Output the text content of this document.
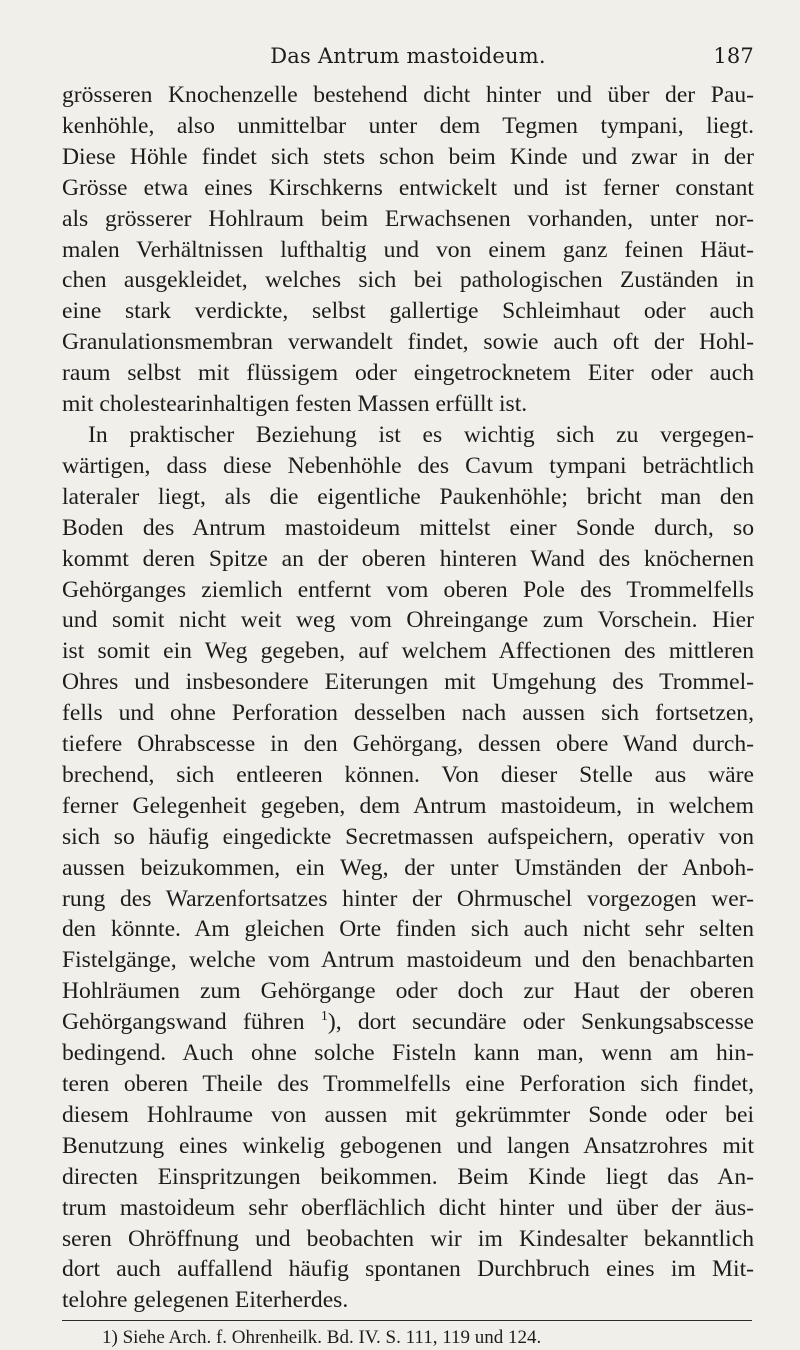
Das Antrum mastoideum.	187
grösseren Knochenzelle bestehend dicht hinter und über der Pau-
kenhöhle, also unmittelbar unter dem Tegmen tympani, liegt.
Diese Höhle findet sich stets schon beim Kinde und zwar in der
Grösse etwa eines Kirschkerns entwickelt und ist ferner constant
als grösserer Hohlraum beim Erwachsenen vorhanden, unter nor-
malen Verhältnissen lufthaltig und von einem ganz feinen Häut-
chen ausgekleidet, welches sich bei pathologischen Zuständen in
eine stark verdickte, selbst gallertige Schleimhaut oder auch
Granulationsmembran verwandelt findet, sowie auch oft der Hohl-
raum selbst mit flüssigem oder eingetrocknetem Eiter oder auch
mit cholestearinhaltigen festen Massen erfüllt ist.
In praktischer Beziehung ist es wichtig sich zu vergegen-
wärtigen, dass diese Nebenhöhle des Cavum tympani beträchtlich
lateraler liegt, als die eigentliche Paukenhöhle; bricht man den
Boden des Antrum mastoideum mittelst einer Sonde durch, so
kommt deren Spitze an der oberen hinteren Wand des knöchernen
Gehörganges ziemlich entfernt vom oberen Pole des Trommelfells
und somit nicht weit weg vom Ohreingange zum Vorschein. Hier
ist somit ein Weg gegeben, auf welchem Affectionen des mittleren
Ohres und insbesondere Eiterungen mit Umgehung des Trommel-
fells und ohne Perforation desselben nach aussen sich fortsetzen,
tiefere Ohrabscesse in den Gehörgang, dessen obere Wand durch-
brechend, sich entleeren können. Von dieser Stelle aus wäre
ferner Gelegenheit gegeben, dem Antrum mastoideum, in welchem
sich so häufig eingedickte Secretmassen aufspeichern, operativ von
aussen beizukommen, ein Weg, der unter Umständen der Anboh-
rung des Warzenfortsatzes hinter der Ohrmuschel vorgezogen wer-
den könnte. Am gleichen Orte finden sich auch nicht sehr selten
Fistelgänge, welche vom Antrum mastoideum und den benachbarten
Hohlräumen zum Gehörgange oder doch zur Haut der oberen
Gehörgangswand führen $^1$), dort secundäre oder Senkungsabscesse
bedingend. Auch ohne solche Fisteln kann man, wenn am hin-
teren oberen Theile des Trommelfells eine Perforation sich findet,
diesem Hohlraume von aussen mit gekrümmter Sonde oder bei
Benutzung eines winkelig gebogenen und langen Ansatzrohres mit
directen Einspritzungen beikommen. Beim Kinde liegt das An-
trum mastoideum sehr oberflächlich dicht hinter und über der äus-
seren Ohröffnung und beobachten wir im Kindesalter bekanntlich
dort auch auffallend häufig spontanen Durchbruch eines im Mit-
telohre gelegenen Eiterherdes.
1) Siehe Arch. f. Ohrenheilk. Bd. IV. S. 111, 119 und 124.
